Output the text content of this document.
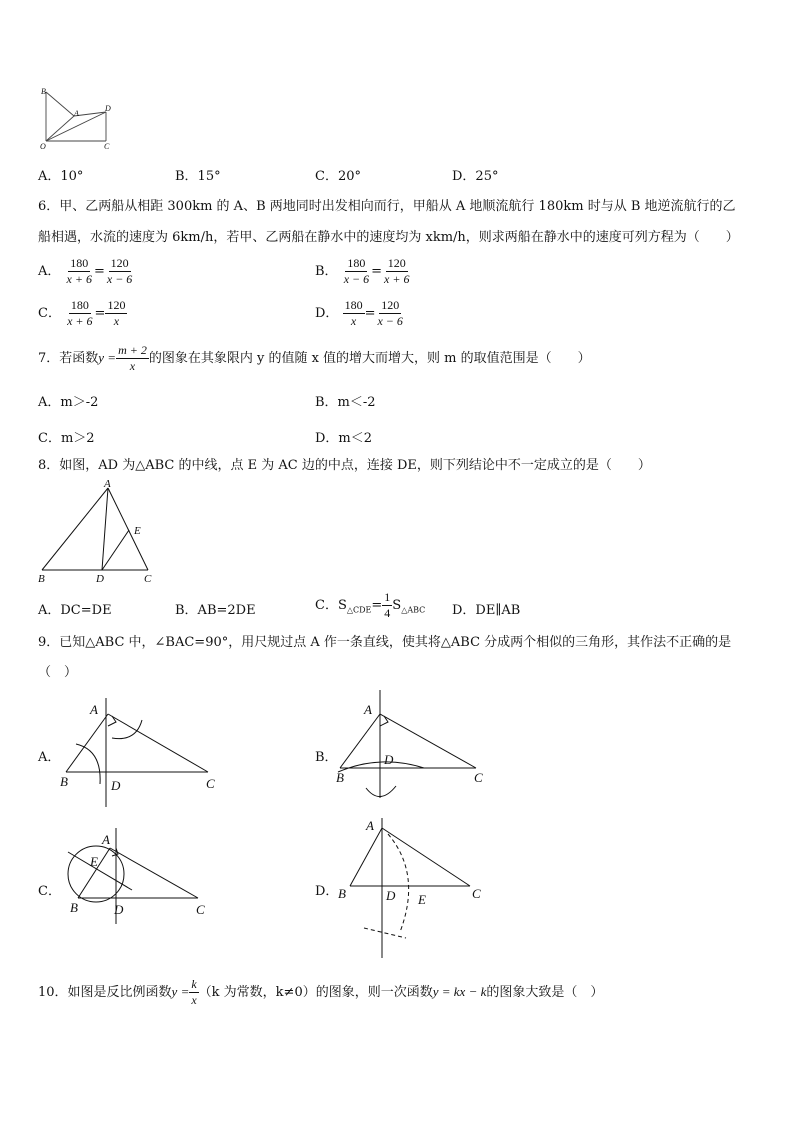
B
A
D
O	C
A．10°	B．15°	C．20°	D．25°
6．甲、乙两船从相距 300km 的 A、B 两地同时出发相向而行，甲船从 A 地顺流航行 180km 时与从 B 地逆流航行的乙
船相遇，水流的速度为 6km/h，若甲、乙两船在静水中的速度均为 xkm/h，则求两船在静水中的速度可列方程为（　　）
A． $\frac{180}{x + 6} = \frac{120}{x - 6}$	B． $\frac{180}{x - 6} = \frac{120}{x + 6}$
C． $\frac{180}{x + 6} = \frac{120}{x}$	D． $\frac{180}{x} = \frac{120}{x - 6}$
7．若函数$y = \frac{m + 2}{x}$ 的图象在其象限内 y 的值随 x 值的增大而增大，则 m 的取值范围是（　　）
A．m＞-2	B．m＜-2
C．m＞2	D．m＜2
8．如图，AD 为△ABC 的中线，点 E 为 AC 边的中点，连接 DE，则下列结论中不一定成立的是（　　）
A
E
B	D	C
A．DC=DE	B．AB=2DE	C．$S_{\triangle CDE}= \frac{1}{4} S_{\triangle ABC}$ D．DE∥AB
9．已知△ABC 中，∠BAC=90°，用尺规过点 A 作一条直线，使其将△ABC 分成两个相似的三角形，其作法不正确的是
（　）
A．
A
B	D	C
B．
A
D
B	C
C．
A
E
B	D	C
D．
A
B	D E	C
10．如图是反比例函数$y = \frac{k}{x} (k$ 为常数，k≠0）的图象，则一次函数y = kx − k的图象大致是（　）
